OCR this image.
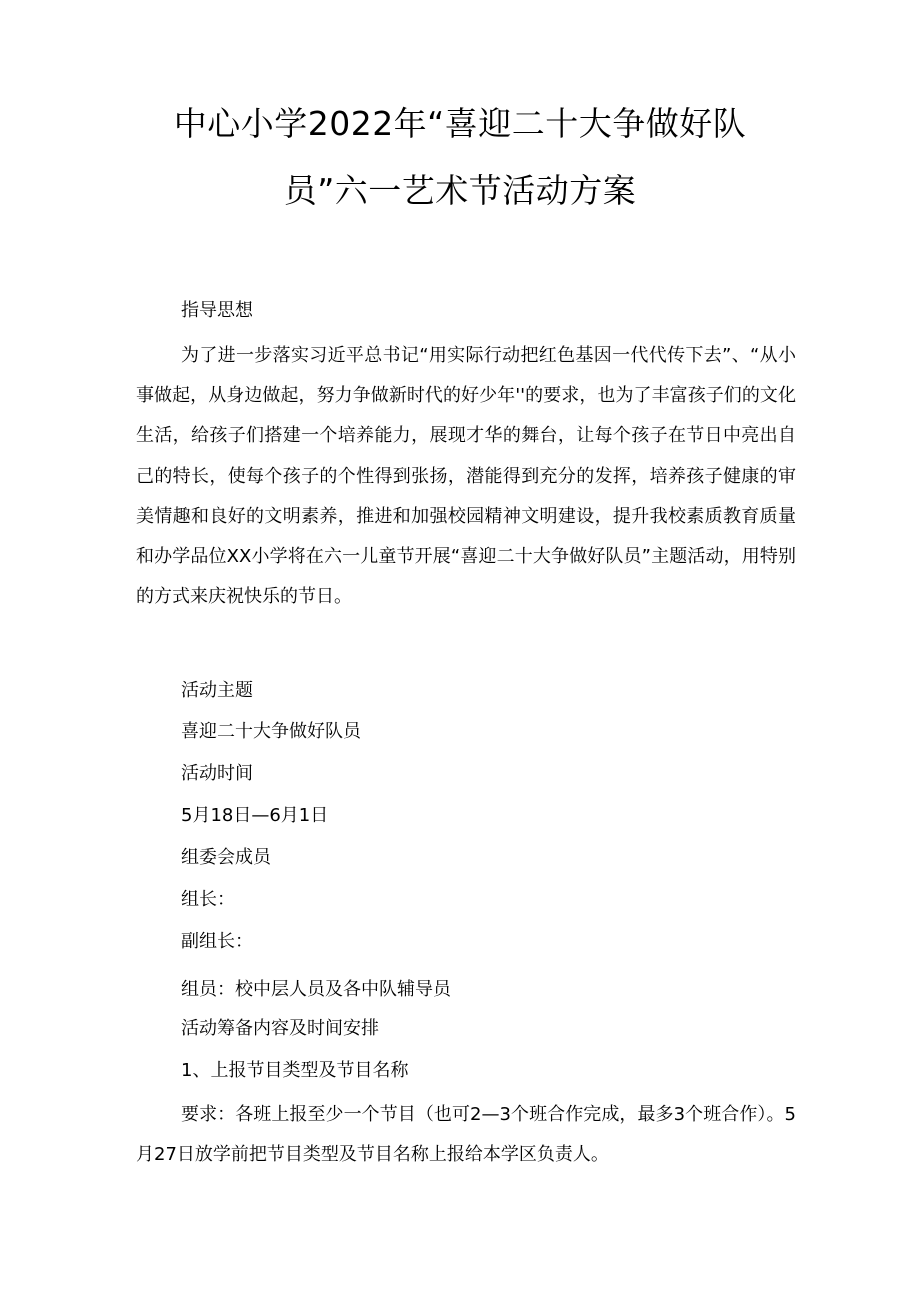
中心小学2022年“喜迎二十大争做好队
员”六一艺术节活动方案
指导思想
为了进一步落实习近平总书记“用实际行动把红色基因一代代传下去”、“从小事做起，从身边做起，努力争做新时代的好少年''的要求，也为了丰富孩子们的文化生活，给孩子们搭建一个培养能力，展现才华的舞台，让每个孩子在节日中亮出自己的特长，使每个孩子的个性得到张扬，潜能得到充分的发挥，培养孩子健康的审美情趣和良好的文明素养，推进和加强校园精神文明建设，提升我校素质教育质量和办学品位XX小学将在六一儿童节开展“喜迎二十大争做好队员”主题活动，用特别的方式来庆祝快乐的节日。
活动主题
喜迎二十大争做好队员
活动时间
5月18日—6月1日
组委会成员
组长：
副组长：
组员：校中层人员及各中队辅导员
活动筹备内容及时间安排
1、上报节目类型及节目名称
要求：各班上报至少一个节目（也可2—3个班合作完成，最多3个班合作）。5月27日放学前把节目类型及节目名称上报给本学区负责人。
